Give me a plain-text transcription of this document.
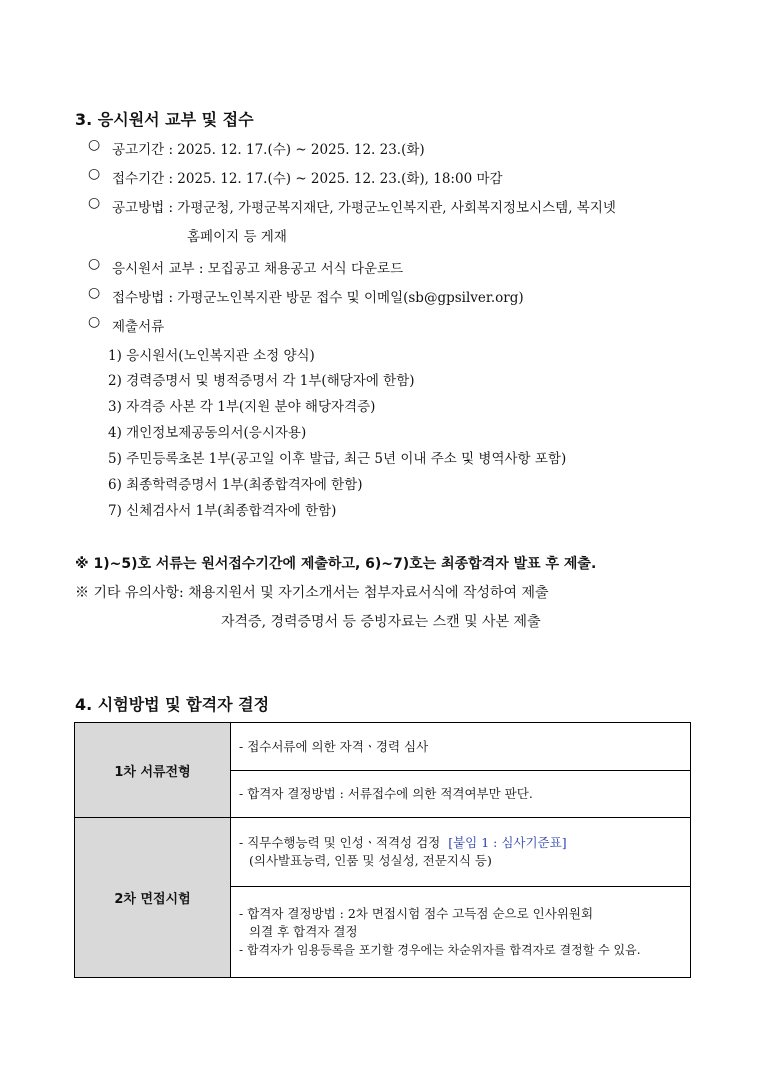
3. 응시원서 교부 및 접수
○ 공고기간 : 2025. 12. 17.(수) ~ 2025. 12. 23.(화)
○ 접수기간 : 2025. 12. 17.(수) ~ 2025. 12. 23.(화), 18:00 마감
○ 공고방법 : 가평군청, 가평군복지재단, 가평군노인복지관, 사회복지정보시스템, 복지넷
홈페이지 등 게재
○ 응시원서 교부 : 모집공고 채용공고 서식 다운로드
○ 접수방법 : 가평군노인복지관 방문 접수 및 이메일(sb@gpsilver.org)
○ 제출서류
1) 응시원서(노인복지관 소정 양식)
2) 경력증명서 및 병적증명서 각 1부(해당자에 한함)
3) 자격증 사본 각 1부(지원 분야 해당자격증)
4) 개인정보제공동의서(응시자용)
5) 주민등록초본 1부(공고일 이후 발급, 최근 5년 이내 주소 및 병역사항 포함)
6) 최종학력증명서 1부(최종합격자에 한함)
7) 신체검사서 1부(최종합격자에 한함)
※ 1)~5)호 서류는 원서접수기간에 제출하고, 6)~7)호는 최종합격자 발표 후 제출.
※ 기타 유의사항: 채용지원서 및 자기소개서는 첨부자료서식에 작성하여 제출
자격증, 경력증명서 등 증빙자료는 스캔 및 사본 제출
4. 시험방법 및 합격자 결정
1차 서류전형	- 접수서류에 의한 자격ㆍ경력 심사
	- 합격자 결정방법 : 서류접수에 의한 적격여부만 판단.
2차 면접시험	- 직무수행능력 및 인성ㆍ적격성 검정 [붙임 1 : 심사기준표]
(의사발표능력, 인품 및 성실성, 전문지식 등)

	- 합격자 결정방법 : 2차 면접시험 점수 고득점 순으로 인사위원회
의결 후 합격자 결정
- 합격자가 임용등록을 포기할 경우에는 차순위자를 합격자로 결정할 수 있음.
